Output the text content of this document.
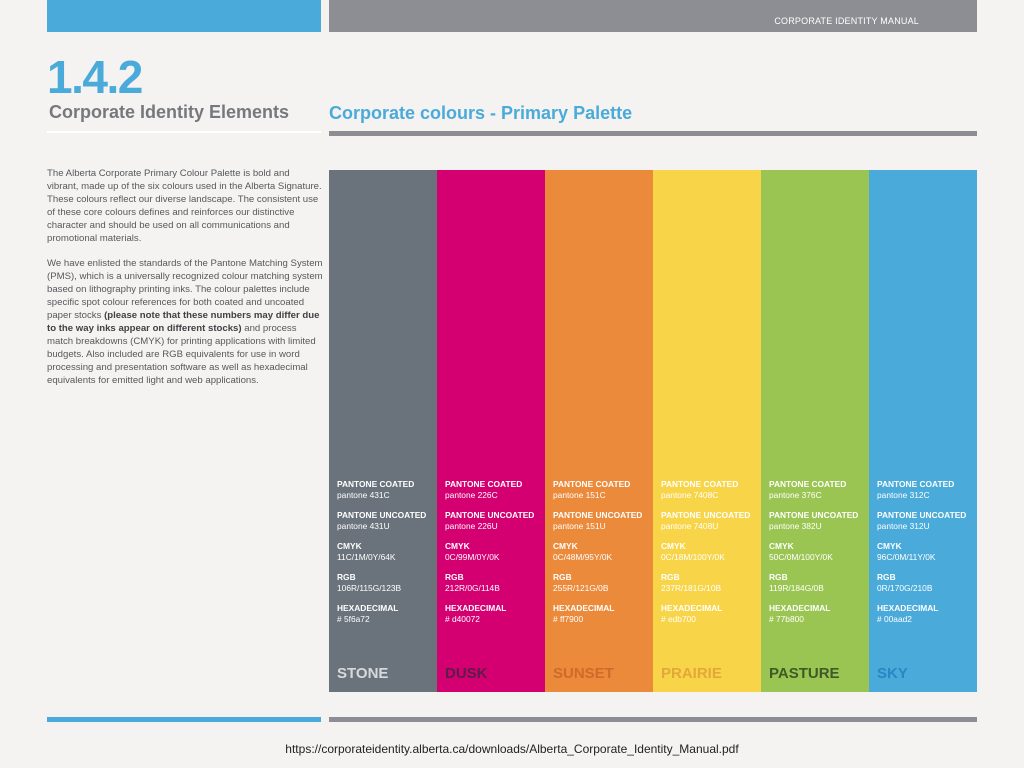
CORPORATE IDENTITY MANUAL
1.4.2
Corporate Identity Elements Corporate colours - Primary Palette

The Alberta Corporate Primary Colour Palette is bold and vibrant, made up of the six colours used in the Alberta Signature. These colours reflect our diverse landscape. The consistent use of these core colours defines and reinforces our distinctive character and should be used on all communications and promotional materials.

We have enlisted the standards of the Pantone Matching System (PMS), which is a universally recognized colour matching system based on lithography printing inks. The colour palettes include specific spot colour references for both coated and uncoated paper stocks (please note that these numbers may differ due to the way inks appear on different stocks) and process match breakdowns (CMYK) for printing applications with limited budgets. Also included are RGB equivalents for use in word processing and presentation software as well as hexadecimal equivalents for emitted light and web applications.

PANTONE COATED
pantone 431C
PANTONE UNCOATED
pantone 431U
CMYK
11C/1M/0Y/64K
RGB
106R/115G/123B
HEXADECIMAL
# 5f6a72
STONE
PANTONE COATED
pantone 226C
PANTONE UNCOATED
pantone 226U
CMYK
0C/99M/0Y/0K
RGB
212R/0G/114B
HEXADECIMAL
# d40072
DUSK
PANTONE COATED
pantone 151C
PANTONE UNCOATED
pantone 151U
CMYK
0C/48M/95Y/0K
RGB
255R/121G/0B
HEXADECIMAL
# ff7900
SUNSET
PANTONE COATED
pantone 7408C
PANTONE UNCOATED
pantone 7408U
CMYK
0C/18M/100Y/0K
RGB
237R/181G/10B
HEXADECIMAL
# edb700
PRAIRIE
PANTONE COATED
pantone 376C
PANTONE UNCOATED
pantone 382U
CMYK
50C/0M/100Y/0K
RGB
119R/184G/0B
HEXADECIMAL
# 77b800
PASTURE
PANTONE COATED
pantone 312C
PANTONE UNCOATED
pantone 312U
CMYK
96C/0M/11Y/0K
RGB
0R/170G/210B
HEXADECIMAL
# 00aad2
SKY
https://corporateidentity.alberta.ca/downloads/Alberta_Corporate_Identity_Manual.pdf
